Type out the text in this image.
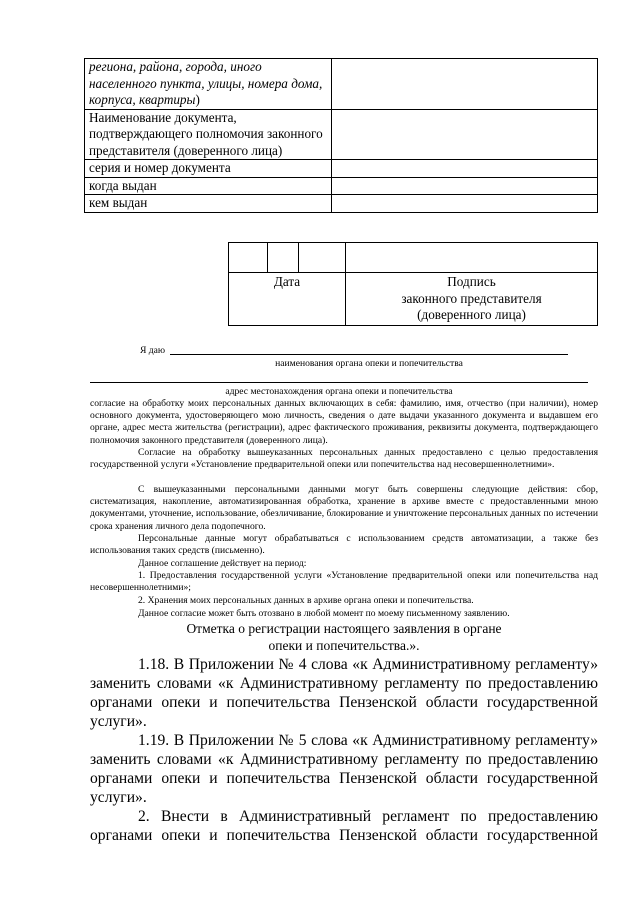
региона, района, города, иного населенного пункта, улицы, номера дома, корпуса, квартиры)	
Наименование документа, подтверждающего полномочия законного представителя (доверенного лица)	
серия и номер документа	
когда выдан	
кем выдан	

Дата			Подпись
законного представителя
(доверенного лица)
Я даю
наименования органа опеки и попечительства
адрес местонахождения органа опеки и попечительства
согласие на обработку моих персональных данных включающих в себя: фамилию, имя, отчество (при наличии), номер основного документа, удостоверяющего мою личность, сведения о дате выдачи указанного документа и выдавшем его органе, адрес места жительства (регистрации), адрес фактического проживания, реквизиты документа, подтверждающего полномочия законного представителя (доверенного лица).
Согласие на обработку вышеуказанных персональных данных предоставлено с целью предоставления государственной услуги «Установление предварительной опеки или попечительства над несовершеннолетними».
С вышеуказанными персональными данными могут быть совершены следующие действия: сбор, систематизация, накопление, автоматизированная обработка, хранение в архиве вместе с предоставленными мною документами, уточнение, использование, обезличивание, блокирование и уничтожение персональных данных по истечении срока хранения личного дела подопечного.
Персональные данные могут обрабатываться с использованием средств автоматизации, а также без использования таких средств (письменно).
Данное соглашение действует на период:
1. Предоставления государственной услуги «Установление предварительной опеки или попечительства над несовершеннолетними»;
2. Хранения моих персональных данных в архиве органа опеки и попечительства.
Данное согласие может быть отозвано в любой момент по моему письменному заявлению.
Отметка о регистрации настоящего заявления в органе
опеки и попечительства.».
1.18. В Приложении № 4 слова «к Административному регламенту» заменить словами «к Административному регламенту по предоставлению органами опеки и попечительства Пензенской области государственной услуги».
1.19. В Приложении № 5 слова «к Административному регламенту» заменить словами «к Административному регламенту по предоставлению органами опеки и попечительства Пензенской области государственной услуги».
2. Внести в Административный регламент по предоставлению органами опеки и попечительства Пензенской области государственной
